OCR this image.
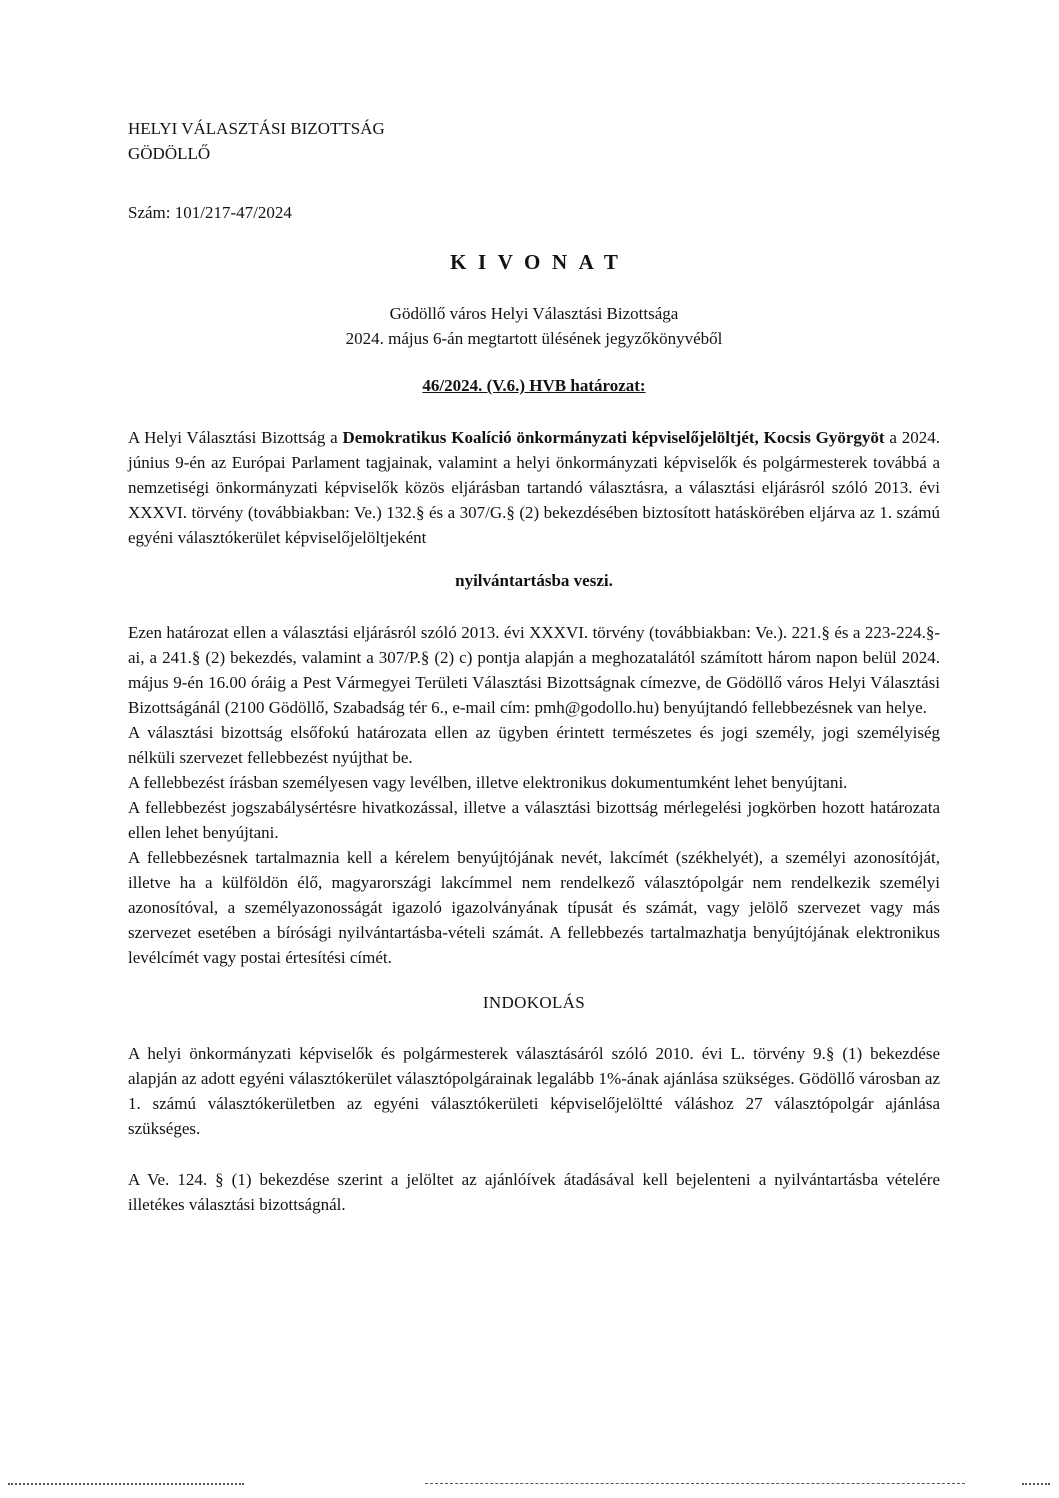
HELYI VÁLASZTÁSI BIZOTTSÁG

GÖDÖLLŐ

Szám: 101/217-47/2024

KIVONAT

Gödöllő város Helyi Választási Bizottsága

2024. május 6-án megtartott ülésének jegyzőkönyvéből

46/2024. (V.6.) HVB határozat:

A Helyi Választási Bizottság a Demokratikus Koalíció önkormányzati képviselőjelöltjét, Kocsis Györgyöt a 2024. június 9-én az Európai Parlament tagjainak, valamint a helyi önkormányzati képviselők és polgármesterek továbbá a nemzetiségi önkormányzati képviselők közös eljárásban tartandó választásra, a választási eljárásról szóló 2013. évi XXXVI. törvény (továbbiakban: Ve.) 132.§ és a 307/G.§ (2) bekezdésében biztosított hatáskörében eljárva az 1. számú egyéni választókerület képviselőjelöltjeként

nyilvántartásba veszi.

Ezen határozat ellen a választási eljárásról szóló 2013. évi XXXVI. törvény (továbbiakban: Ve.). 221.§ és a 223-224.§-ai, a 241.§ (2) bekezdés, valamint a 307/P.§ (2) c) pontja alapján a meghozatalától számított három napon belül 2024. május 9-én 16.00 óráig a Pest Vármegyei Területi Választási Bizottságnak címezve, de Gödöllő város Helyi Választási Bizottságánál (2100 Gödöllő, Szabadság tér 6., e-mail cím: pmh@godollo.hu) benyújtandó fellebbezésnek van helye.

A választási bizottság elsőfokú határozata ellen az ügyben érintett természetes és jogi személy, jogi személyiség nélküli szervezet fellebbezést nyújthat be.

A fellebbezést írásban személyesen vagy levélben, illetve elektronikus dokumentumként lehet benyújtani.

A fellebbezést jogszabálysértésre hivatkozással, illetve a választási bizottság mérlegelési jogkörben hozott határozata ellen lehet benyújtani.

A fellebbezésnek tartalmaznia kell a kérelem benyújtójának nevét, lakcímét (székhelyét), a személyi azonosítóját, illetve ha a külföldön élő, magyarországi lakcímmel nem rendelkező választópolgár nem rendelkezik személyi azonosítóval, a személyazonosságát igazoló igazolványának típusát és számát, vagy jelölő szervezet vagy más szervezet esetében a bírósági nyilvántartásba-vételi számát. A fellebbezés tartalmazhatja benyújtójának elektronikus levélcímét vagy postai értesítési címét.

INDOKOLÁS

A helyi önkormányzati képviselők és polgármesterek választásáról szóló 2010. évi L. törvény 9.§ (1) bekezdése alapján az adott egyéni választókerület választópolgárainak legalább 1%-ának ajánlása szükséges. Gödöllő városban az 1. számú választókerületben az egyéni választókerületi képviselőjelöltté váláshoz 27 választópolgár ajánlása szükséges.

A Ve. 124. § (1) bekezdése szerint a jelöltet az ajánlóívek átadásával kell bejelenteni a nyilvántartásba vételére illetékes választási bizottságnál.
